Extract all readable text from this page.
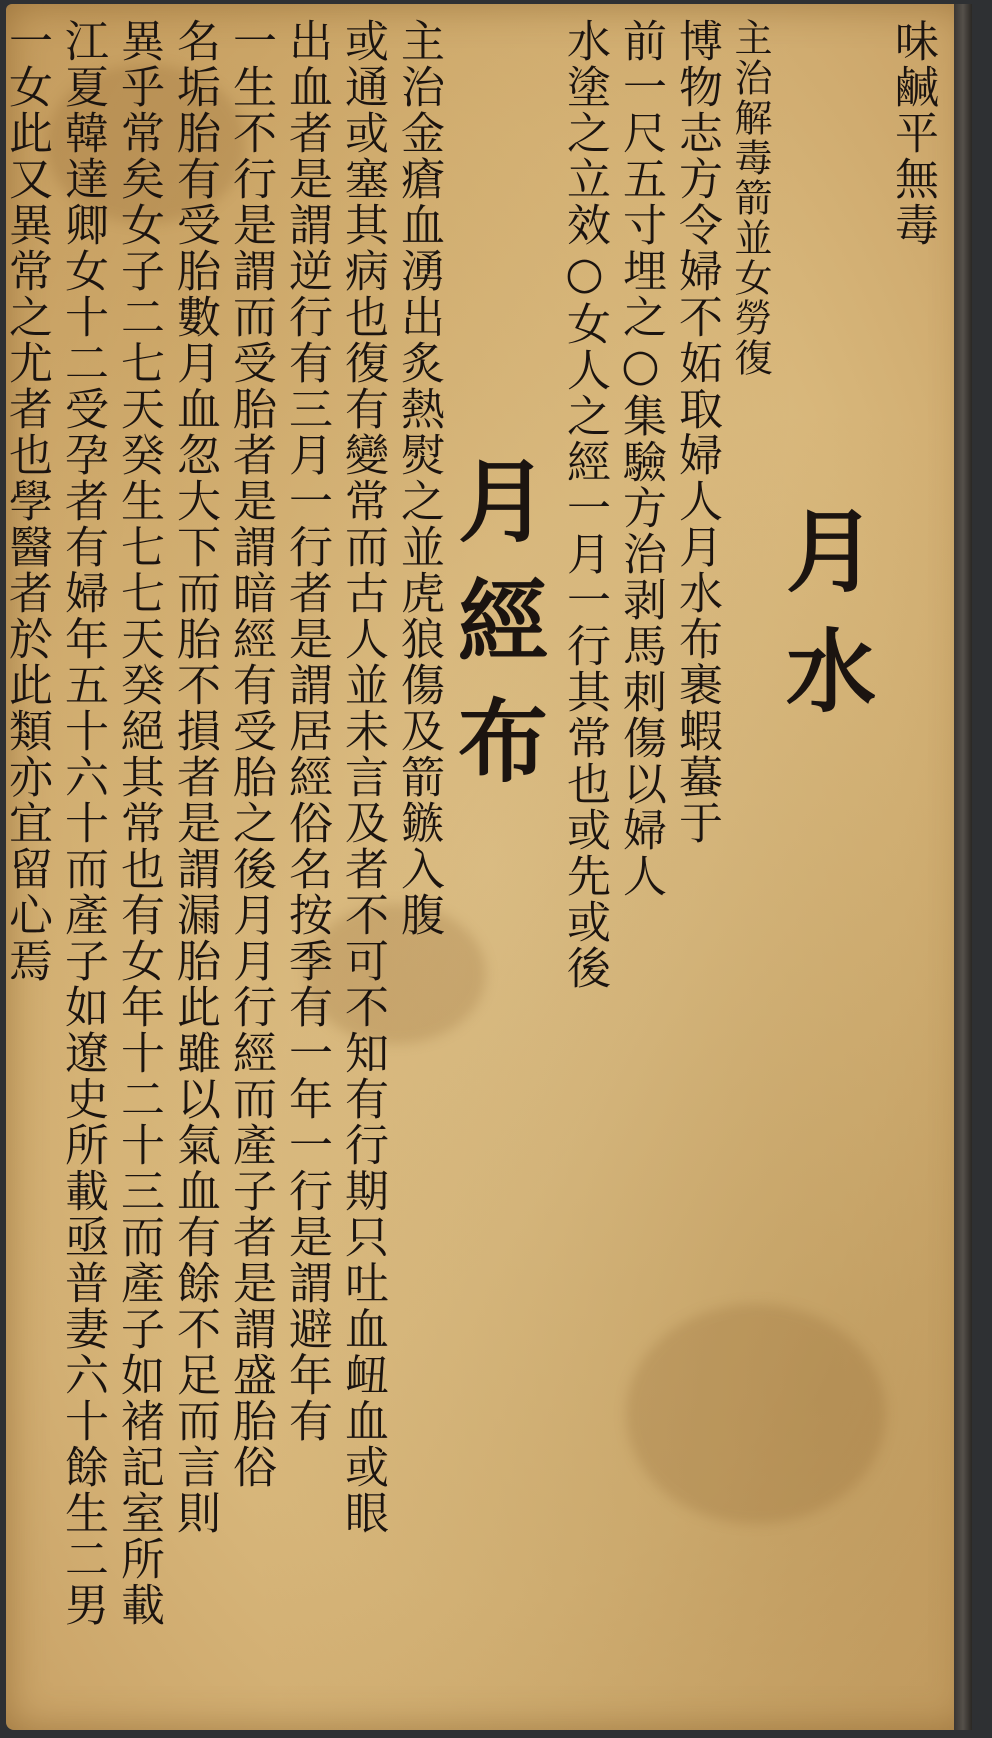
味鹹平無毒
月水
主治解毒箭並女勞復
博物志方令婦不妬取婦人月水布裹蝦蟇于
前一尺五寸埋之○集驗方治剥馬刺傷以婦人
水塗之立效○女人之經一月一行其常也或先或後
月經布
主治金瘡血湧出炙熱熨之並虎狼傷及箭鏃入腹
或通或塞其病也復有變常而古人並未言及者不可不知有行期只吐血衄血或眼
出血者是謂逆行有三月一行者是謂居經俗名按季有一年一行是謂避年有
一生不行是謂而受胎者是謂暗經有受胎之後月月行經而產子者是謂盛胎俗
名垢胎有受胎數月血忽大下而胎不損者是謂漏胎此雖以氣血有餘不足而言則
異乎常矣女子二七天癸生七七天癸絕其常也有女年十二十三而產子如褚記室所載
江夏韓達卿女十二受孕者有婦年五十六十而產子如遼史所載亟普妻六十餘生二男
一女此又異常之尤者也學醫者於此類亦宜留心焉
